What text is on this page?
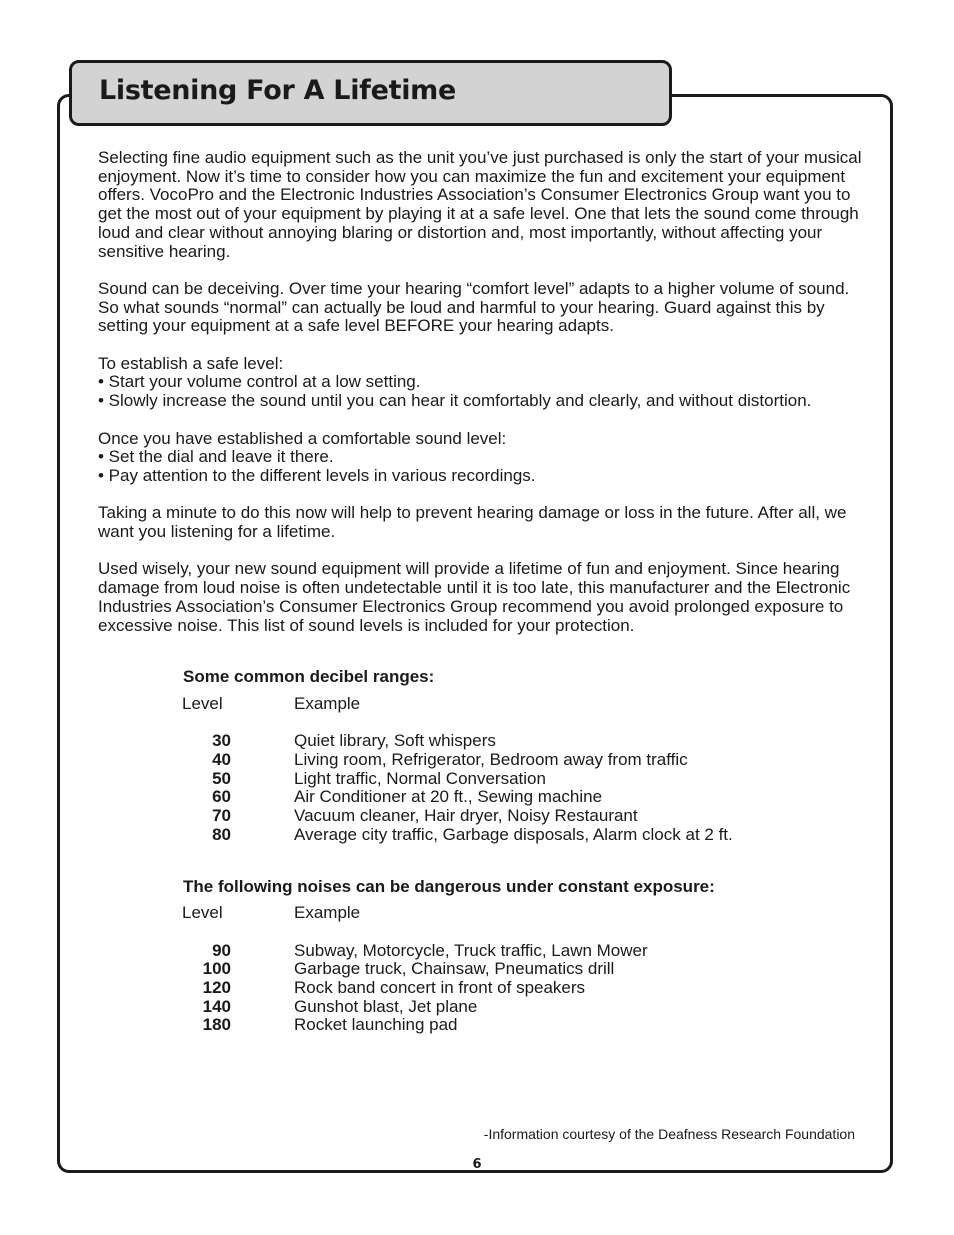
Listening For A Lifetime

Selecting fine audio equipment such as the unit you’ve just purchased is only the start of your musical enjoyment. Now it’s time to consider how you can maximize the fun and excitement your equipment offers. VocoPro and the Electronic Industries Association’s Consumer Electronics Group want you to get the most out of your equipment by playing it at a safe level. One that lets the sound come through loud and clear without annoying blaring or distortion and, most importantly, without affecting your sensitive hearing.

Sound can be deceiving. Over time your hearing “comfort level” adapts to a higher volume of sound. So what sounds “normal” can actually be loud and harmful to your hearing. Guard against this by setting your equipment at a safe level BEFORE your hearing adapts.

To establish a safe level:

• Start your volume control at a low setting.

• Slowly increase the sound until you can hear it comfortably and clearly, and without distortion.

Once you have established a comfortable sound level:

• Set the dial and leave it there.

• Pay attention to the different levels in various recordings.

Taking a minute to do this now will help to prevent hearing damage or loss in the future. After all, we want you listening for a lifetime.

Used wisely, your new sound equipment will provide a lifetime of fun and enjoyment. Since hearing damage from loud noise is often undetectable until it is too late, this manufacturer and the Electronic Industries Association’s Consumer Electronics Group recommend you avoid prolonged exposure to excessive noise. This list of sound levels is included for your protection.

Some common decibel ranges:
Level	Example
30	Quiet library, Soft whispers
40	Living room, Refrigerator, Bedroom away from traffic
50	Light traffic, Normal Conversation
60	Air Conditioner at 20 ft., Sewing machine
70	Vacuum cleaner, Hair dryer, Noisy Restaurant
80	Average city traffic, Garbage disposals, Alarm clock at 2 ft.
The following noises can be dangerous under constant exposure:
Level	Example
90	Subway, Motorcycle, Truck traffic, Lawn Mower
100	Garbage truck, Chainsaw, Pneumatics drill
120	Rock band concert in front of speakers
140	Gunshot blast, Jet plane
180	Rocket launching pad
-Information courtesy of the Deafness Research Foundation
6
